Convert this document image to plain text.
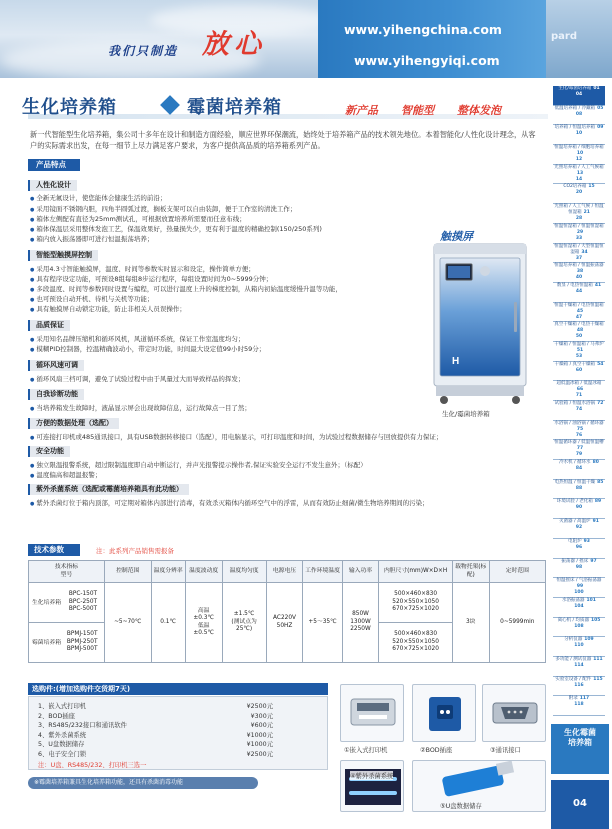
我们只制造 放心	www.yihengchina.com
www.yihengyiqi.com
pard
生化培养箱	霉菌培养箱	新产品 智能型 整体发泡
新一代智能型生化培养箱，集公司十多年在设计和制造方面经验，顺应世界环保潮流，始终处于培养箱产品的技术领先地位。本着智能化/人性化设计理念，从客户的实际需求出发，在每一细节上尽力满足客户要求，为客户提供高品质的培养箱系列产品。
产品特点
人性化设计
● 全新无氟设计，使您能体会健康生活的前沿；
● 采用镜面不锈钢内胆，四角半圆弧过渡，搁板支架可以自由装卸，便于工作室的清洗工作；
● 箱体左侧配有直径为25mm测试孔，可根据放置培养所需要而任意布线；
● 箱体保温层采用整体发泡工艺，保温效果好，热量损失少，更有利于温度的精确控制(150/250系列)
● 箱内放入振荡器即可进行恒温振荡培养；
智能型触摸屏控制
● 采用4.3寸智能触摸屏，温度、时间等参数实时显示和设定，操作简单方便；
● 具有程序设定功能，可预设8组每组8步运行程序，每组设置时间为0~5999分钟；
● 多段温度、时间等参数同时设置与编程，可以进行温度上升的梯度控制，从箱内初始温度缓慢升温等功能，
● 也可预设自动开机、待机与关机等功能；
● 具有触摸屏自动锁定功能，防止非相关人员误操作；
品质保证
● 采用知名品牌压缩机和循环风机，风道循环系统，保证工作室温度均匀；
● 模糊PID控制器，控温精确波动小，带定时功能，时间最大设定值99小时59分；
循环风速可调
● 循环风扇三档可调，避免了试验过程中由于风量过大而导致样品的挥发；
自我诊断功能
● 当培养箱发生故障时，液晶显示屏会出现故障信息，运行故障点一目了然；
方便的数据处理（选配）
● 可连接打印机或485通讯接口，具有USB数据转移接口（选配），用电脑显示，可打印温度和时间，为试验过程数据储存与回放提供有力保证；
安全功能
● 独立限温报警系统，超过限制温度即自动中断运行，并声光报警提示操作者,保证实验安全运行不发生意外；（标配）
● 温度偏高和超温报警；
紫外杀菌系统（选配或霉菌培养箱具有此功能）
● 紫外杀菌灯位于箱内顶部，可定期对箱体内部进行消毒，有效杀灭箱体内循环空气中的浮雷，从而有效防止细菌/微生物培养期间的污染；
触摸屏
H
生化/霉菌培养箱
生化/霉菌培养箱 01
04
低温培养箱 / 冷藏箱 05
08
培养箱 / 恒温培养箱 09
10
恒温培养箱 / 细胞培养箱10
12
光照培养箱 / 人工气候箱13
14
CO2培养箱 15
20
光照箱 / 人工气候 / 恒温恒湿箱 21
28
恒温恒湿箱 / 恒温恒湿箱29
33
恒温恒湿箱 / 大型恒温恒湿箱 34
37
恒温培养箱 / 恒温振荡器38
40
数显 / 电热恒温箱 41
44
恒温干燥箱 / 电热恒温箱45
47
真空干燥箱 / 电热干燥箱48
50
干燥箱 / 恒温箱 / 马弗炉51
53
干燥箱 / 真空干燥箱 54
60
超低温冰箱 / 低温冰箱66
71
试验箱 / 恒温水浴锅 72
74
水浴锅 / 油浴锅 / 循环器75
76
恒温循环器 / 低温恒温槽77
79
冷水机 / 循环水 80
84
电热恒温 / 恒温干燥 85
88
环境试验 / 老化箱 89
90
灭菌器 / 高温炉 91
92
电阻炉 93
96
振荡器 / 摇床 97
98
恒温摇床 / 气浴振荡器99
100
水浴振荡器 101
104
离心机 / 均质器 105
108
分析仪器 109
110
多功能 / 测试仪器 111
114
实验室设备 / 配件 115
116
附录 117
118
生化霉菌培养箱
04
技术参数	注：此系列产品销售需报备
技术指标
型号	控制范围	温度分辨率	温度波动度	温度均匀度	电源电压	工作环境温度	输入功率	内胆尺寸(mm)W×D×H	载物托架(标配)	定时范围
生化培养箱 BPC-150T
BPC-250T
BPC-500T	~5~70℃	0.1℃	高温
±0.3℃
低温
±0.5℃	±1.5℃
(测试点为
25℃)	AC220V
50HZ	+5～35℃	850W
1300W
2250W	500×460×830
520×550×1050
670×725×1020	3块	0~5999min
霉菌培养箱 BPMJ-150T
BPMJ-250T
BPMJ-500T								500×460×830
520×550×1050
670×725×1020		
选购件:(增加选购件交货期7天)
1、嵌入式打印机	¥2500元
2、BOD插座	¥300元
3、RS485/232接口和通讯软件	¥600元
4、紫外杀菌系统	¥1000元
5、U盘数据储存	¥1000元
6、电子安全门锁	¥2500元
注：U盘、RS485/232、打印机三选一
※霉菌培养箱兼具生化培养箱功能，还具有杀菌消毒功能
①嵌入式打印机	②BOD插座	③通讯接口
④紫外杀菌系统
⑤U盘数据储存
